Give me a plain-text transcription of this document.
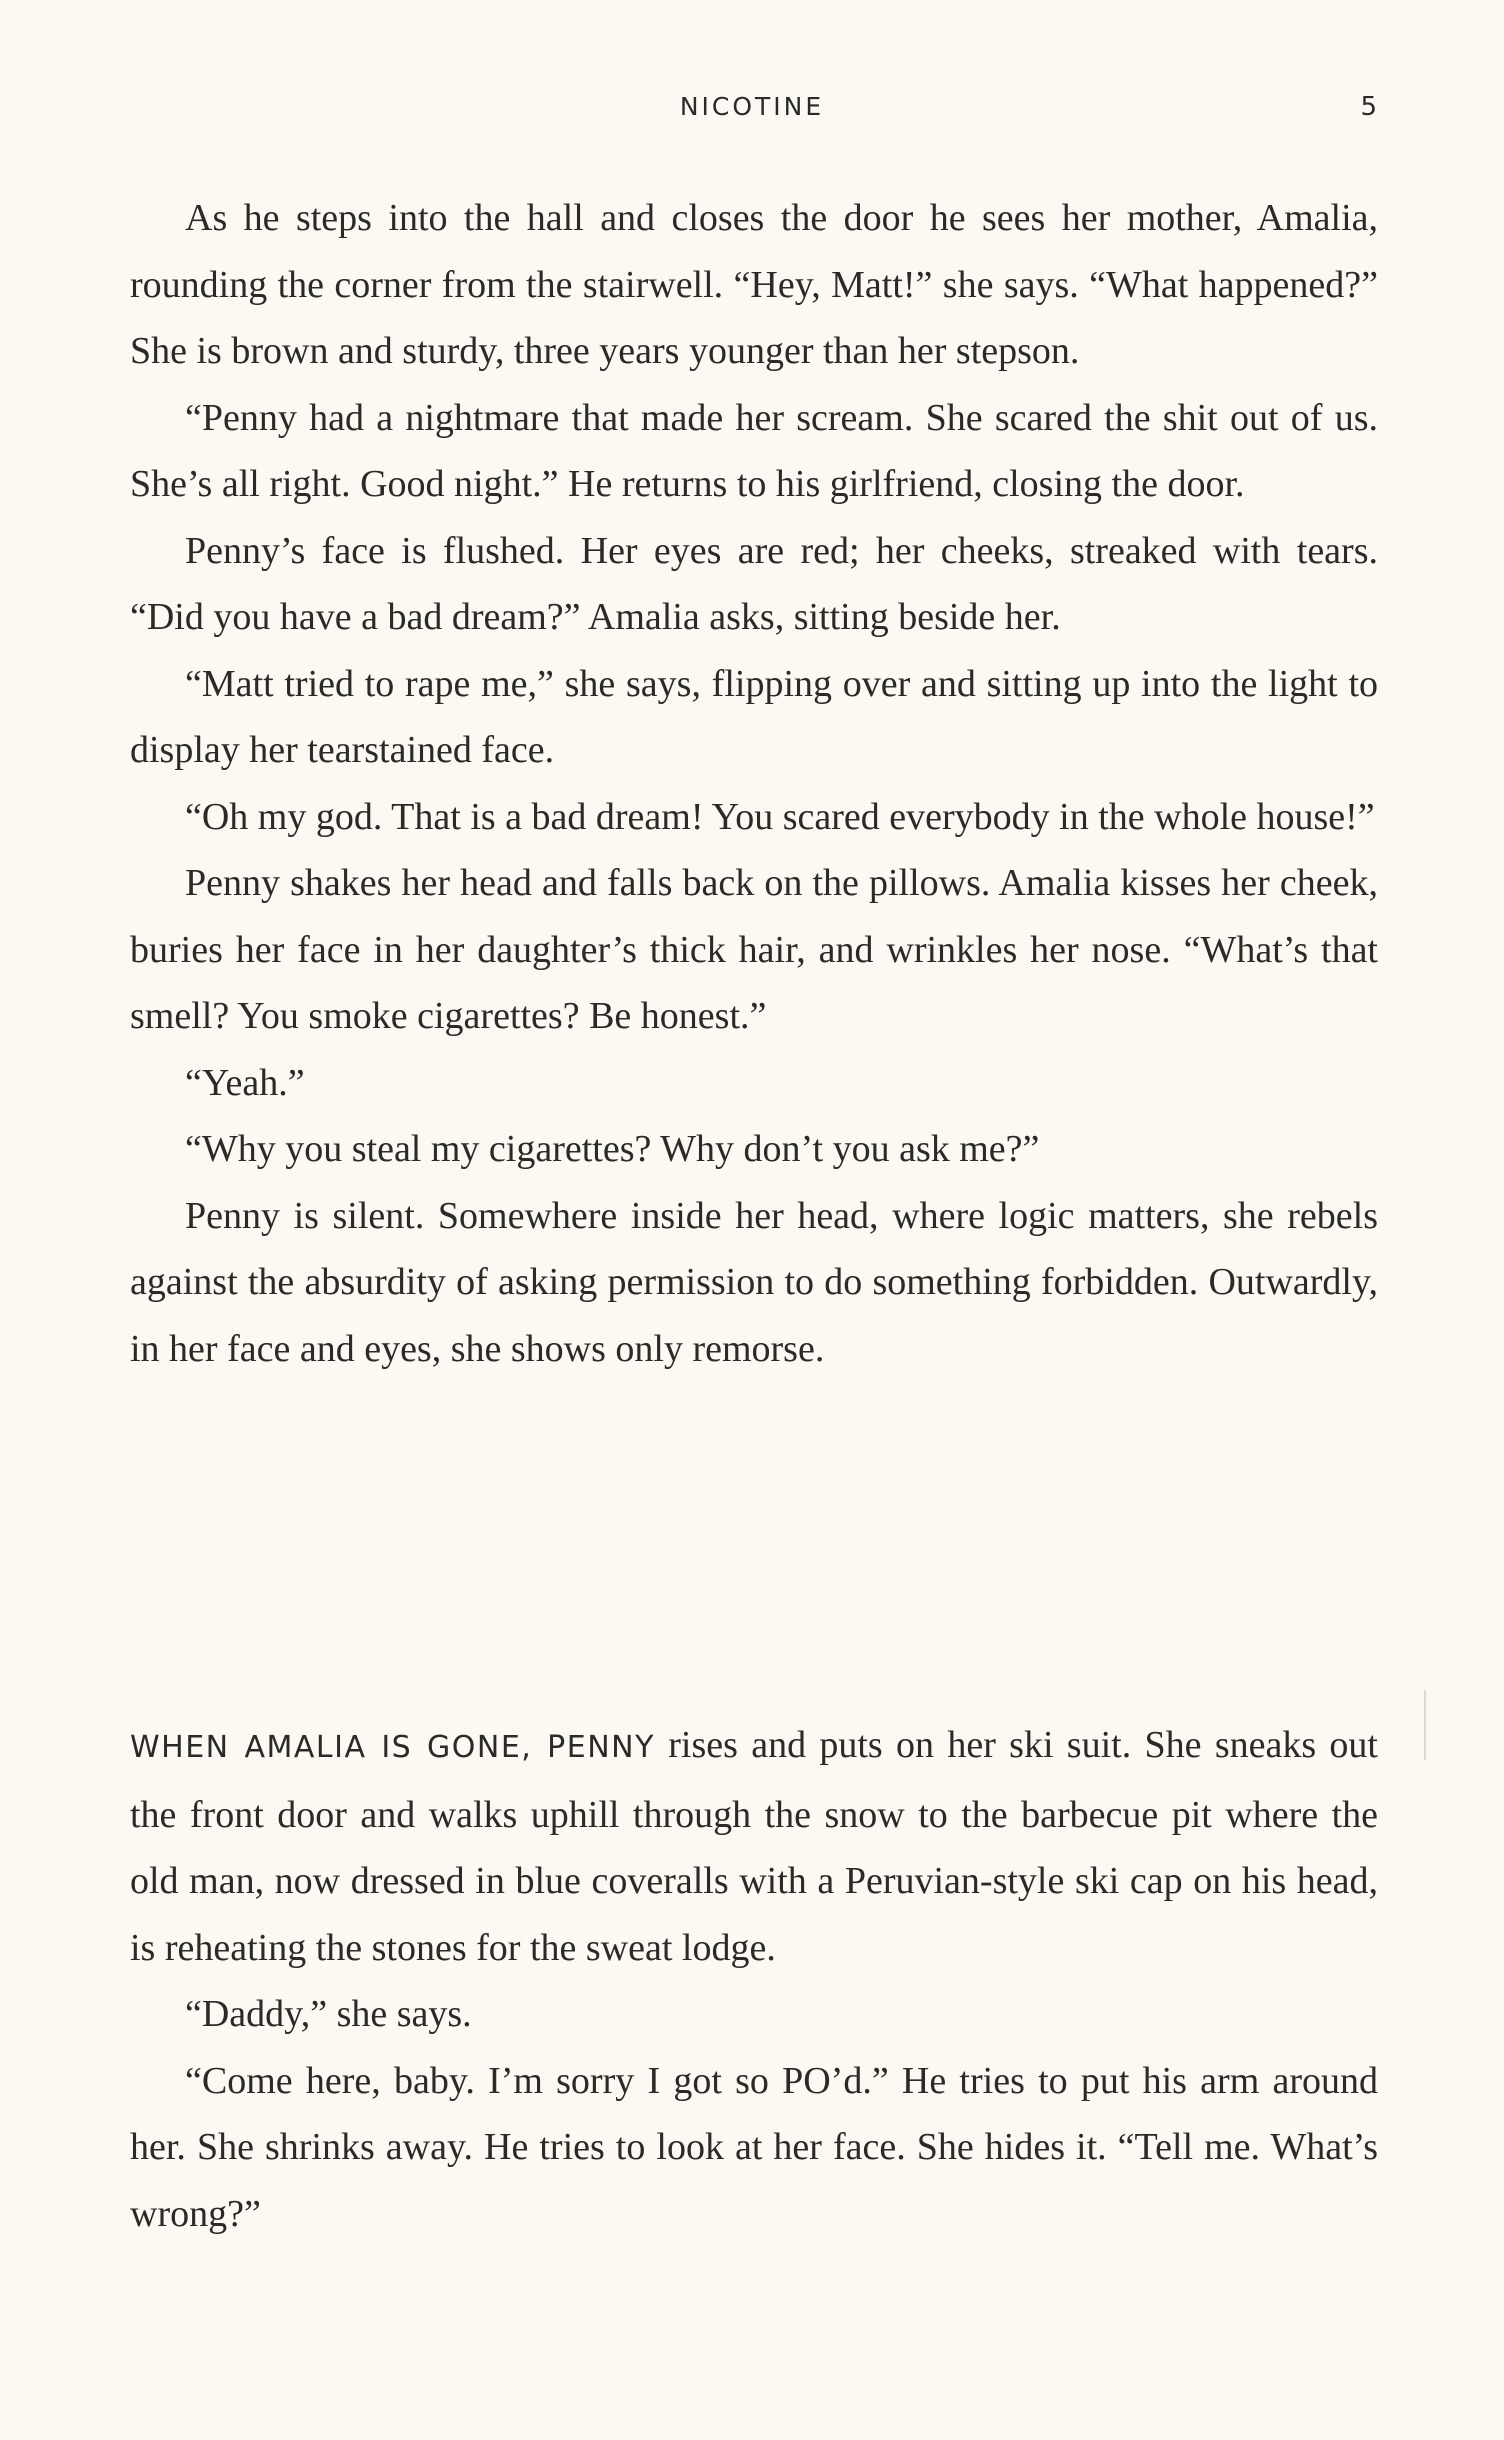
NICOTINE	5

As he steps into the hall and closes the door he sees her mother, Amalia, rounding the corner from the stairwell. “Hey, Matt!” she says. “What happened?” She is brown and sturdy, three years younger than her stepson.

“Penny had a nightmare that made her scream. She scared the shit out of us. She’s all right. Good night.” He returns to his girlfriend, closing the door.

Penny’s face is flushed. Her eyes are red; her cheeks, streaked with tears. “Did you have a bad dream?” Amalia asks, sitting beside her.

“Matt tried to rape me,” she says, flipping over and sitting up into the light to display her tearstained face.

“Oh my god. That is a bad dream! You scared everybody in the whole house!”

Penny shakes her head and falls back on the pillows. Amalia kisses her cheek, buries her face in her daughter’s thick hair, and wrinkles her nose. “What’s that smell? You smoke cigarettes? Be honest.”

“Yeah.”

“Why you steal my cigarettes? Why don’t you ask me?”

Penny is silent. Somewhere inside her head, where logic matters, she rebels against the absurdity of asking permission to do something forbidden. Outwardly, in her face and eyes, she shows only remorse.

WHEN AMALIA IS GONE, PENNY rises and puts on her ski suit. She sneaks out the front door and walks uphill through the snow to the barbecue pit where the old man, now dressed in blue coveralls with a Peruvian-style ski cap on his head, is reheating the stones for the sweat lodge.

“Daddy,” she says.

“Come here, baby. I’m sorry I got so PO’d.” He tries to put his arm around her. She shrinks away. He tries to look at her face. She hides it. “Tell me. What’s wrong?”
